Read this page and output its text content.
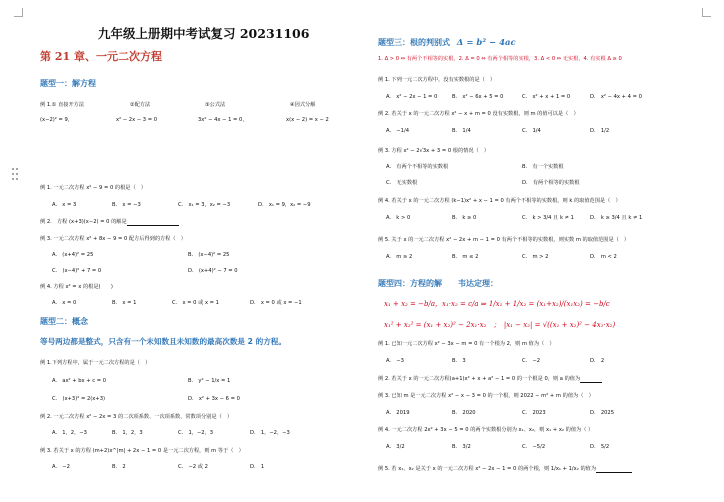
九年级上册期中考试复习 20231106
第 21 章、一元二次方程
题型一：解方程
例 1.① 直接开方法	②配方法	③公式法	④因式分解
(x−2)² = 9，	x² − 2x − 3 = 0	3x² − 4x − 1 = 0，	x(x − 2) = x − 2
例 1. 一元二次方程 x² − 9 = 0 的根是（　）
A.　x = 3	B.　x = −3	C.　x₁ = 3，x₂ = −3	D.　x₁ = 9，x₂ = −9
例 2.　方程 (x+3)(x−2) = 0 的解是
例 3. 一元二次方程 x² + 8x − 9 = 0 配方后得到的方程（　）
A.　(x+4)² = 25	B.　(x−4)² = 25
C.　(x−4)² + 7 = 0	D.　(x+4)² − 7 = 0
例 4. 方程 x² = x 的根是(　　)
A.　x = 0	B.　x = 1	C.　x = 0 或 x = 1	D.　x = 0 或 x = −1
题型二：概念
等号两边都是整式，只含有一个未知数且未知数的最高次数是 2 的方程。
例 1.下列方程中，属于一元二次方程的是（　）
A.　ax² + bx + c = 0	B.　y² − 1/x = 1
C.　(x+3)² = 2(x+3)	D.　x² + 3x − 6 = 0
例 2. 一元二次方程 x² − 2x = 3 的二次项系数、一次项系数、常数项分别是（　）
A.　1，2，−3	B.　1，2，3	C.　1，−2，3	D.　1，−2，−3
例 3. 若关于 x 的方程 (m+2)x^|m| + 2x − 1 = 0 是一元二次方程，则 m 等于（　）
A.　−2	B.　2	C.　−2 或 2	D.　1
题型三：根的判别式 Δ = b² − 4ac
1. Δ > 0 ⇔ 有两个不相等的实根，2. Δ = 0 ⇔ 有两个相等的实根，3. Δ < 0 ⇔ 无实根，4. 有实根 Δ ≥ 0
例 1. 下列一元二次方程中，没有实数根的是（　）
A.　x² − 2x − 1 = 0	B.　x² − 6x + 5 = 0	C.　x² + x + 1 = 0	D.　x² − 4x + 4 = 0
例 2. 若关于 x 的一元二次方程 x² − x + m = 0 没有实数根，则 m 的值可以是（　）
A.　−1/4	B.　1/4	C.　1/4	D.　1/2
例 3. 方程 x² − 2√3x + 3 = 0 根的情况（　）
A.　有两个不相等的实数根	B.　有一个实数根
C.　无实数根	D.　有两个相等的实数根
例 4. 若关于 x 的一元二次方程 (k−1)x² + x − 1 = 0 有两个不相等的实数根，则 k 的取值范围是（　）
A.　k > 0	B.　k ≥ 0	C.　k > 3/4 且 k ≠ 1	D.　k ≥ 3/4 且 k ≠ 1
例 5. 关于 x 的一元二次方程 x² − 2x + m − 1 = 0 有两个不相等的实数根，则实数 m 的取值范围是（　）
A.　m ≥ 2	B.　m ≤ 2	C.　m > 2	D.　m < 2
题型四：方程的解　　韦达定理：
x₁ + x₂ = −b/a，x₁·x₂ = c/a ⇒ 1/x₁ + 1/x₂ = (x₁+x₂)/(x₁x₂) = −b/c
x₁² + x₂² = (x₁ + x₂)² − 2x₁·x₂　；　|x₁ − x₂| = √((x₁ + x₂)² − 4x₁·x₂)
例 1. 已知一元二次方程 x² − 3x − m = 0 有一个根为 2，则 m 值为（　）
A.　−3	B.　3	C.　−2	D.　2
例 2. 若关于 x 的一元二次方程(a+1)x² + x + a² − 1 = 0 的一个根是 0，则 a 的值为
例 3. 已知 m 是一元二次方程 x² − x − 3 = 0 的一个根，则 2022 − m² + m 的值为（　）
A.　2019	B.　2020	C.　2023	D.　2025
例 4. 一元二次方程 2x² + 3x − 5 = 0 的两个实数根分别为 x₁、x₂，则 x₁ + x₂ 的值为（ ）
A.　3/2	B.　3/2	C.　−5/2	D.　5/2
例 5. 若 x₁、x₂ 是关于 x 的一元二次方程 x² − 2x − 1 = 0 的两个根，则 1/x₁ + 1/x₂ 的值为
